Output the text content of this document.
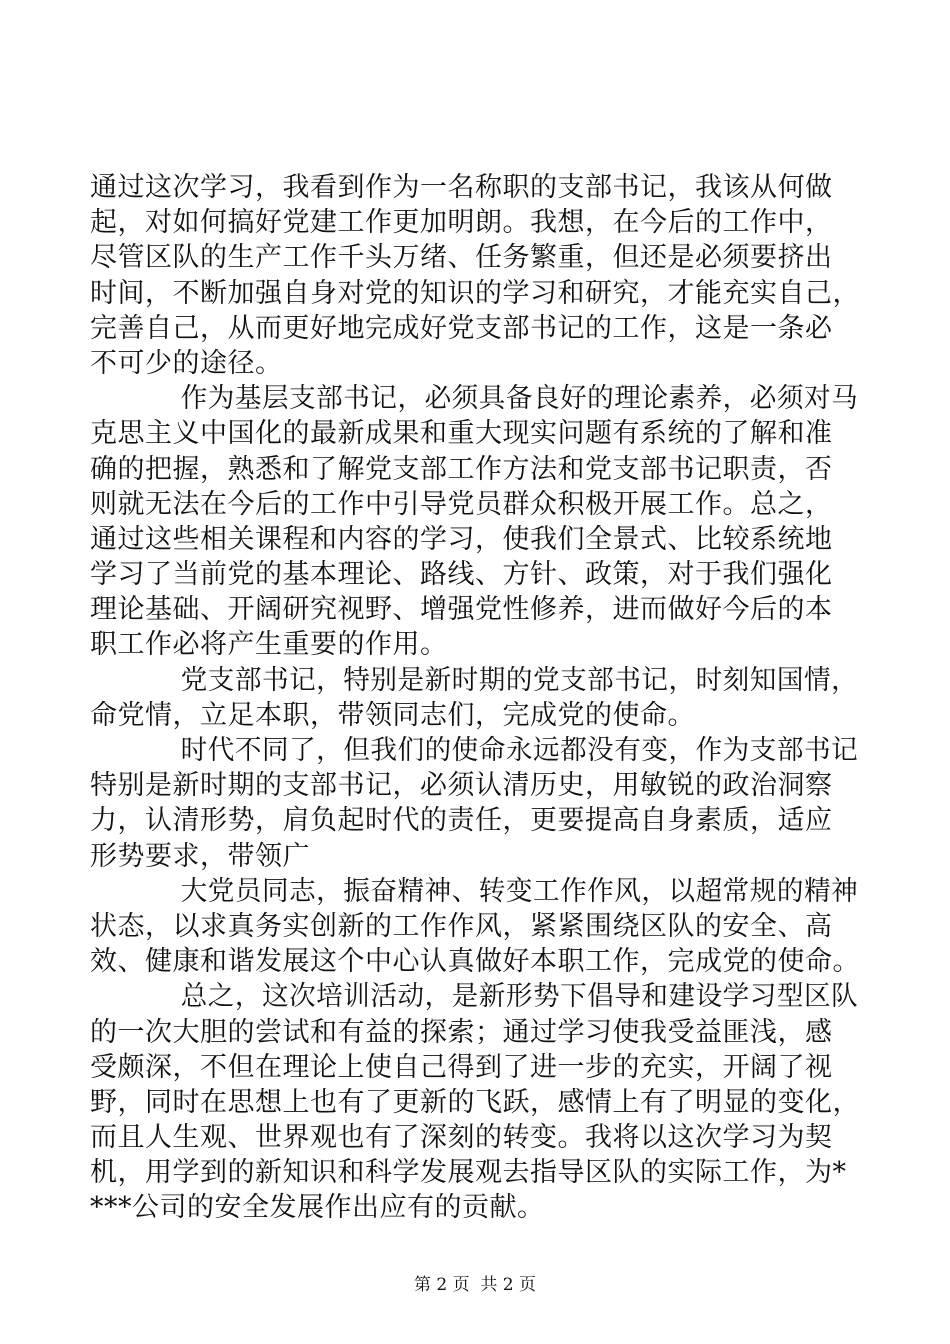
通过这次学习，我看到作为一名称职的支部书记，我该从何做
起，对如何搞好党建工作更加明朗。我想，在今后的工作中，
尽管区队的生产工作千头万绪、任务繁重，但还是必须要挤出
时间，不断加强自身对党的知识的学习和研究，才能充实自己，
完善自己，从而更好地完成好党支部书记的工作，这是一条必
不可少的途径。
作为基层支部书记，必须具备良好的理论素养，必须对马
克思主义中国化的最新成果和重大现实问题有系统的了解和准
确的把握，熟悉和了解党支部工作方法和党支部书记职责，否
则就无法在今后的工作中引导党员群众积极开展工作。总之，
通过这些相关课程和内容的学习，使我们全景式、比较系统地
学习了当前党的基本理论、路线、方针、政策，对于我们强化
理论基础、开阔研究视野、增强党性修养，进而做好今后的本
职工作必将产生重要的作用。
党支部书记，特别是新时期的党支部书记，时刻知国情，
命党情，立足本职，带领同志们，完成党的使命。
时代不同了，但我们的使命永远都没有变，作为支部书记
特别是新时期的支部书记，必须认清历史，用敏锐的政治洞察
力，认清形势，肩负起时代的责任，更要提高自身素质，适应
形势要求，带领广
大党员同志，振奋精神、转变工作作风，以超常规的精神
状态，以求真务实创新的工作作风，紧紧围绕区队的安全、高
效、健康和谐发展这个中心认真做好本职工作，完成党的使命。
总之，这次培训活动，是新形势下倡导和建设学习型区队
的一次大胆的尝试和有益的探索；通过学习使我受益匪浅，感
受颇深，不但在理论上使自己得到了进一步的充实，开阔了视
野，同时在思想上也有了更新的飞跃，感情上有了明显的变化，
而且人生观、世界观也有了深刻的转变。我将以这次学习为契
机，用学到的新知识和科学发展观去指导区队的实际工作，为*
***公司的安全发展作出应有的贡献。
第 2 页  共 2 页
